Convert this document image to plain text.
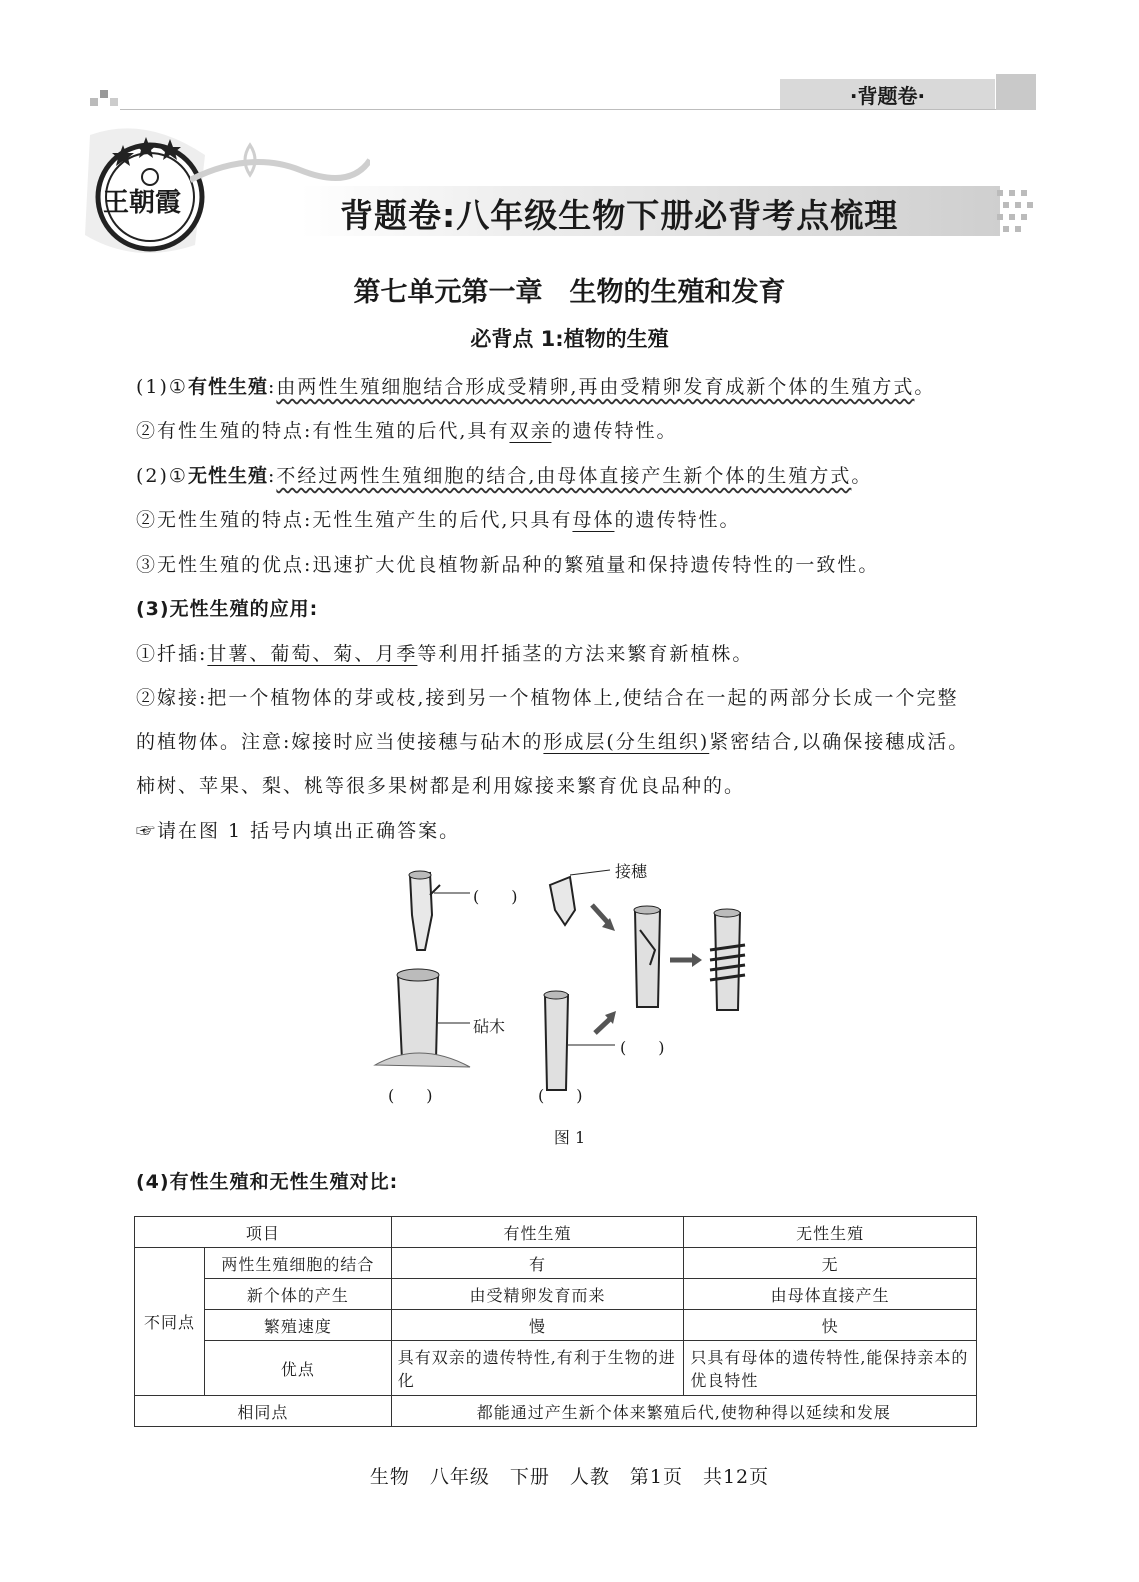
·背题卷·
王朝霞	背题卷:八年级生物下册必背考点梳理
第七单元第一章　生物的生殖和发育
必背点 1:植物的生殖
(1)①有性生殖:由两性生殖细胞结合形成受精卵,再由受精卵发育成新个体的生殖方式。
②有性生殖的特点:有性生殖的后代,具有双亲的遗传特性。
(2)①无性生殖:不经过两性生殖细胞的结合,由母体直接产生新个体的生殖方式。
②无性生殖的特点:无性生殖产生的后代,只具有母体的遗传特性。
③无性生殖的优点:迅速扩大优良植物新品种的繁殖量和保持遗传特性的一致性。
(3)无性生殖的应用:
①扦插:甘薯、葡萄、菊、月季等利用扦插茎的方法来繁育新植株。
②嫁接:把一个植物体的芽或枝,接到另一个植物体上,使结合在一起的两部分长成一个完整
的植物体。注意:嫁接时应当使接穗与砧木的形成层(分生组织)紧密结合,以确保接穗成活。
柿树、苹果、梨、桃等很多果树都是利用嫁接来繁育优良品种的。
☞请在图 1 括号内填出正确答案。
(　　)
砧木
接穗
(　　)
(　　)	(　　)
图 1
(4)有性生殖和无性生殖对比:
项目		有性生殖	无性生殖
不同点	两性生殖细胞的结合	有	无
	新个体的产生	由受精卵发育而来	由母体直接产生
	繁殖速度	慢	快
	优点	具有双亲的遗传特性,有利于生物的进化	只具有母体的遗传特性,能保持亲本的优良特性
相同点		都能通过产生新个体来繁殖后代,使物种得以延续和发展	
生物　八年级　下册　人教　第1页　共12页
